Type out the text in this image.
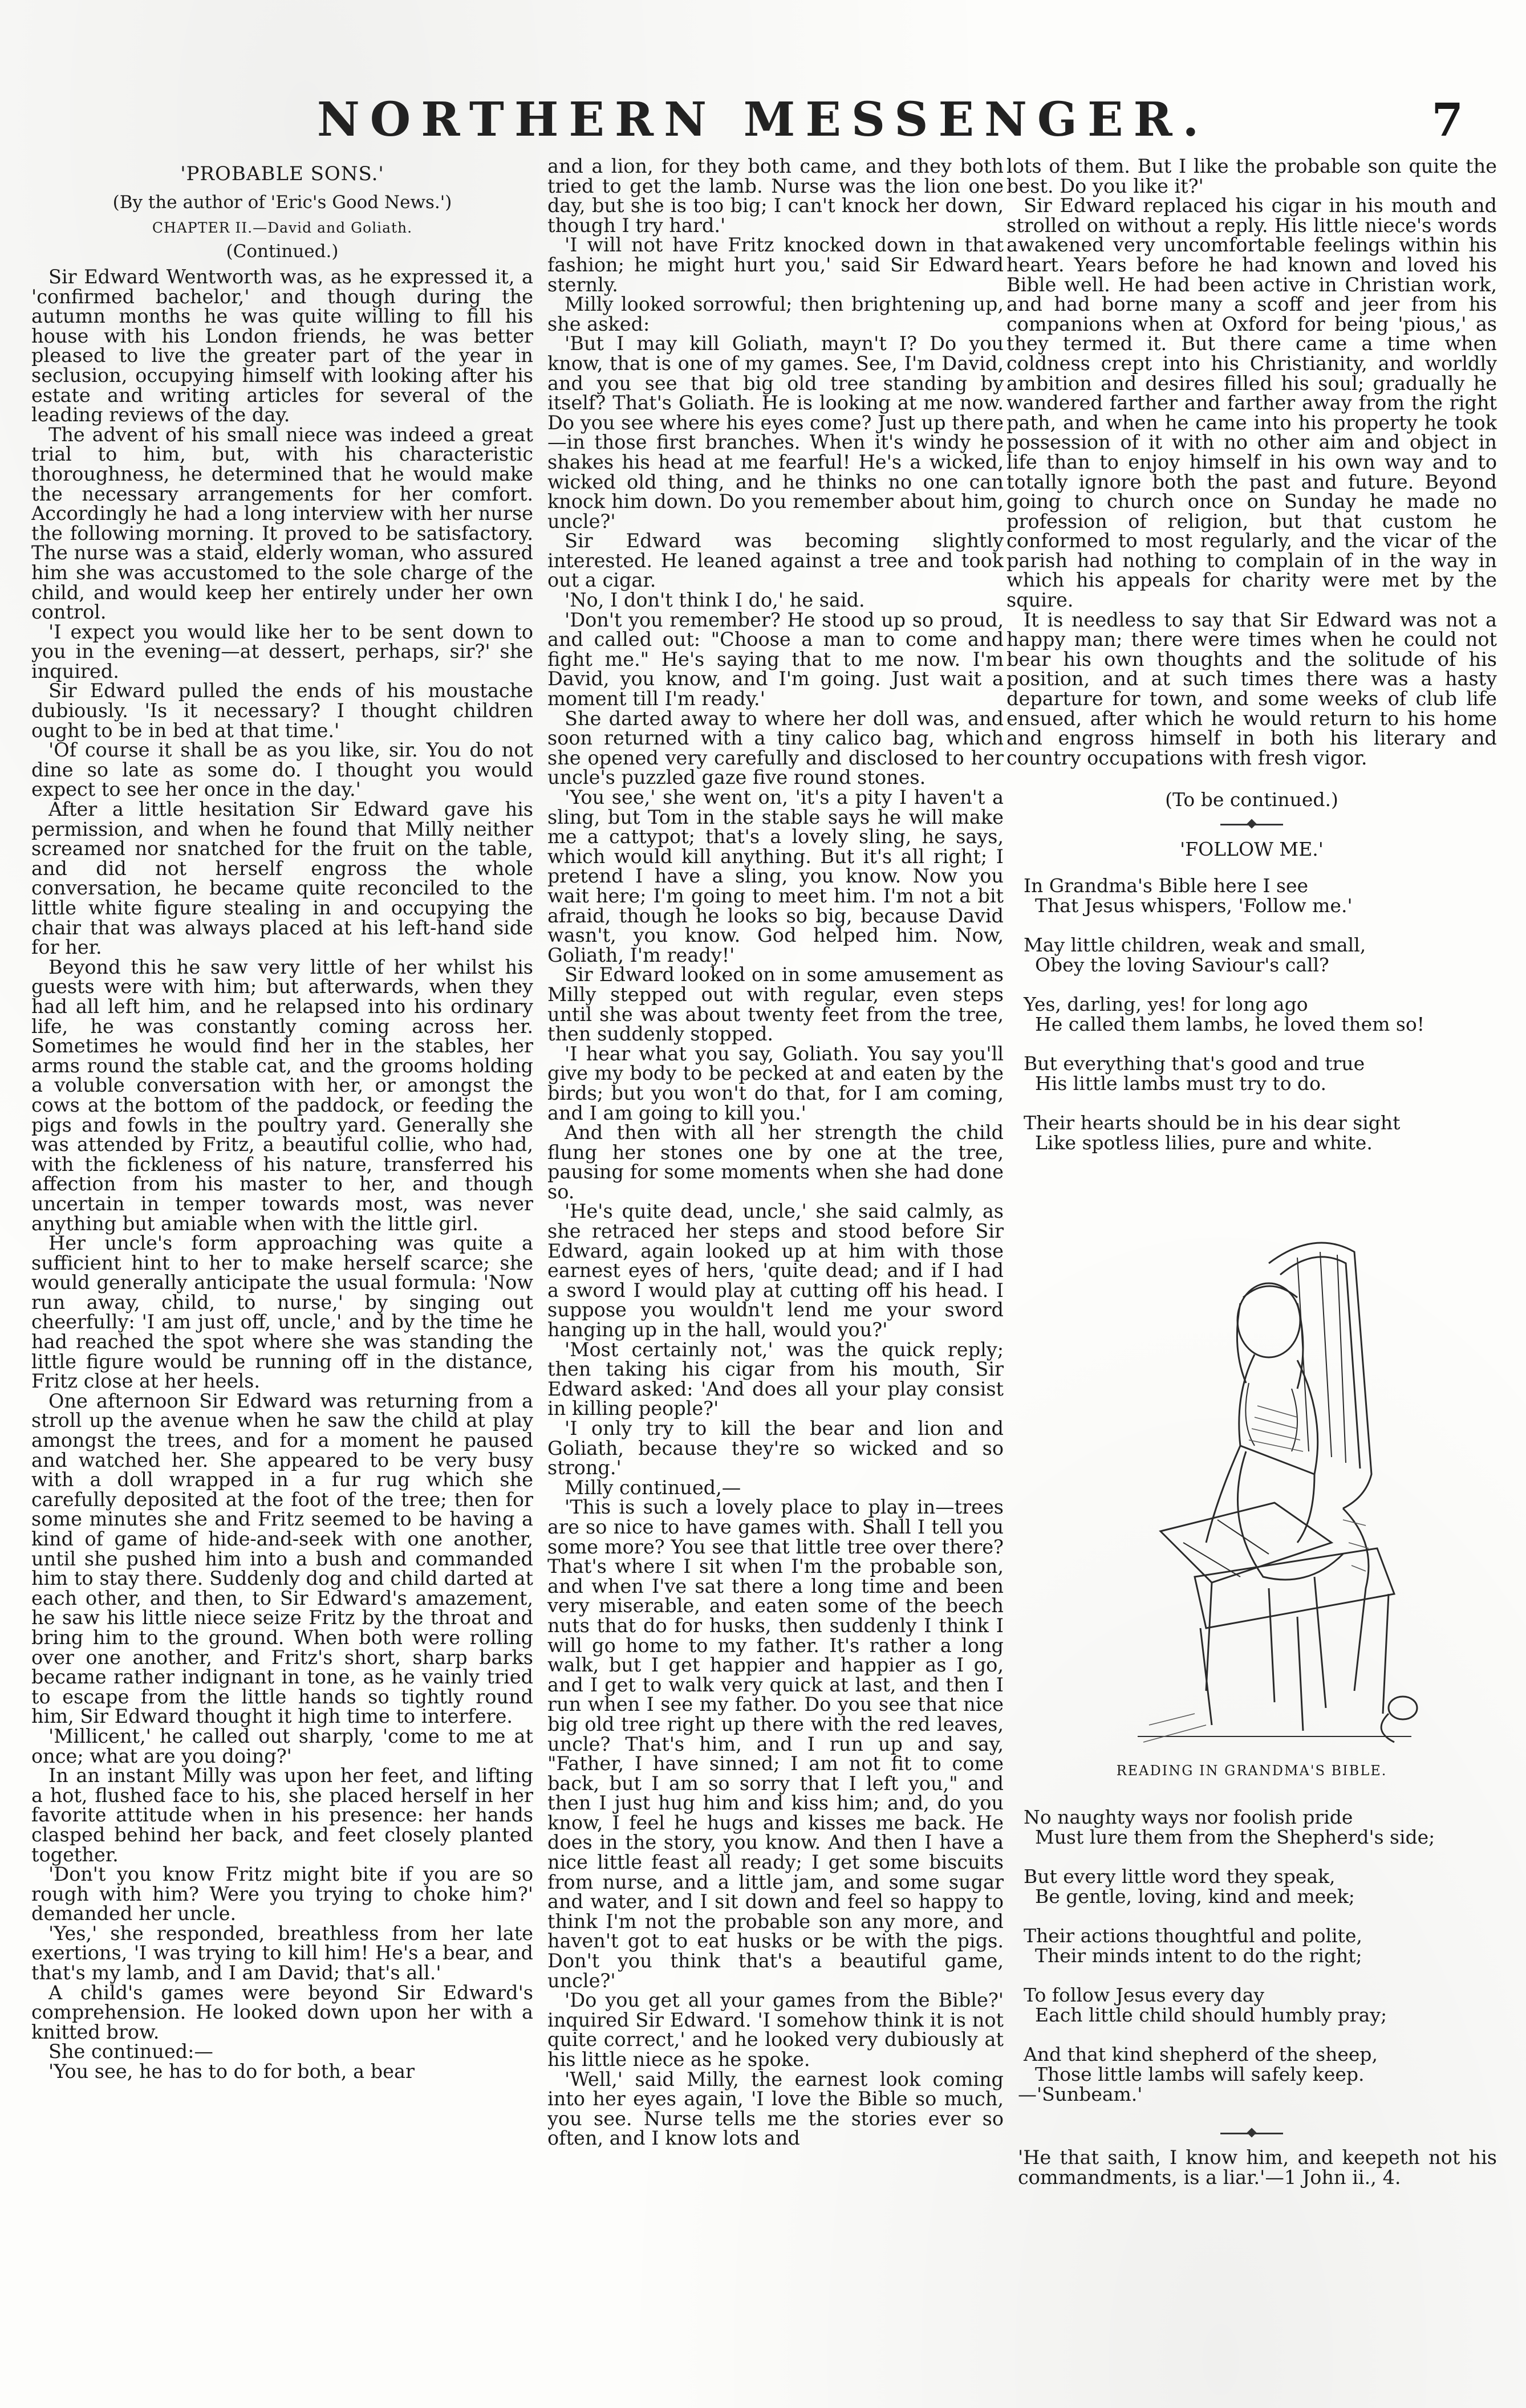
NORTHERN MESSENGER.	7
'PROBABLE SONS.'
(By the author of 'Eric's Good News.')
CHAPTER II.—David and Goliath.
(Continued.)

Sir Edward Wentworth was, as he expressed it, a 'confirmed bachelor,' and though during the autumn months he was quite willing to fill his house with his London friends, he was better pleased to live the greater part of the year in seclusion, occupying himself with looking after his estate and writing articles for several of the leading reviews of the day.

The advent of his small niece was indeed a great trial to him, but, with his characteristic thoroughness, he determined that he would make the necessary arrangements for her comfort. Accordingly he had a long interview with her nurse the following morning. It proved to be satisfactory. The nurse was a staid, elderly woman, who assured him she was accustomed to the sole charge of the child, and would keep her entirely under her own control.

'I expect you would like her to be sent down to you in the evening—at dessert, perhaps, sir?' she inquired.

Sir Edward pulled the ends of his moustache dubiously. 'Is it necessary? I thought children ought to be in bed at that time.'

'Of course it shall be as you like, sir. You do not dine so late as some do. I thought you would expect to see her once in the day.'

After a little hesitation Sir Edward gave his permission, and when he found that Milly neither screamed nor snatched for the fruit on the table, and did not herself engross the whole conversation, he became quite reconciled to the little white figure stealing in and occupying the chair that was always placed at his left-hand side for her.

Beyond this he saw very little of her whilst his guests were with him; but afterwards, when they had all left him, and he relapsed into his ordinary life, he was constantly coming across her. Sometimes he would find her in the stables, her arms round the stable cat, and the grooms holding a voluble conversation with her, or amongst the cows at the bottom of the paddock, or feeding the pigs and fowls in the poultry yard. Generally she was attended by Fritz, a beautiful collie, who had, with the fickleness of his nature, transferred his affection from his master to her, and though uncertain in temper towards most, was never anything but amiable when with the little girl.

Her uncle's form approaching was quite a sufficient hint to her to make herself scarce; she would generally anticipate the usual formula: 'Now run away, child, to nurse,' by singing out cheerfully: 'I am just off, uncle,' and by the time he had reached the spot where she was standing the little figure would be running off in the distance, Fritz close at her heels.

One afternoon Sir Edward was returning from a stroll up the avenue when he saw the child at play amongst the trees, and for a moment he paused and watched her. She appeared to be very busy with a doll wrapped in a fur rug which she carefully deposited at the foot of the tree; then for some minutes she and Fritz seemed to be having a kind of game of hide-and-seek with one another, until she pushed him into a bush and commanded him to stay there. Suddenly dog and child darted at each other, and then, to Sir Edward's amazement, he saw his little niece seize Fritz by the throat and bring him to the ground. When both were rolling over one another, and Fritz's short, sharp barks became rather indignant in tone, as he vainly tried to escape from the little hands so tightly round him, Sir Edward thought it high time to interfere.

'Millicent,' he called out sharply, 'come to me at once; what are you doing?'

In an instant Milly was upon her feet, and lifting a hot, flushed face to his, she placed herself in her favorite attitude when in his presence: her hands clasped behind her back, and feet closely planted together.

'Don't you know Fritz might bite if you are so rough with him? Were you trying to choke him?' demanded her uncle.

'Yes,' she responded, breathless from her late exertions, 'I was trying to kill him! He's a bear, and that's my lamb, and I am David; that's all.'

A child's games were beyond Sir Edward's comprehension. He looked down upon her with a knitted brow.

She continued:—

'You see, he has to do for both, a bear

and a lion, for they both came, and they both tried to get the lamb. Nurse was the lion one day, but she is too big; I can't knock her down, though I try hard.'

'I will not have Fritz knocked down in that fashion; he might hurt you,' said Sir Edward sternly.

Milly looked sorrowful; then brightening up, she asked:

'But I may kill Goliath, mayn't I? Do you know, that is one of my games. See, I'm David, and you see that big old tree standing by itself? That's Goliath. He is looking at me now. Do you see where his eyes come? Just up there—in those first branches. When it's windy he shakes his head at me fearful! He's a wicked, wicked old thing, and he thinks no one can knock him down. Do you remember about him, uncle?'

Sir Edward was becoming slightly interested. He leaned against a tree and took out a cigar.

'No, I don't think I do,' he said.

'Don't you remember? He stood up so proud, and called out: "Choose a man to come and fight me." He's saying that to me now. I'm David, you know, and I'm going. Just wait a moment till I'm ready.'

She darted away to where her doll was, and soon returned with a tiny calico bag, which she opened very carefully and disclosed to her uncle's puzzled gaze five round stones.

'You see,' she went on, 'it's a pity I haven't a sling, but Tom in the stable says he will make me a cattypot; that's a lovely sling, he says, which would kill anything. But it's all right; I pretend I have a sling, you know. Now you wait here; I'm going to meet him. I'm not a bit afraid, though he looks so big, because David wasn't, you know. God helped him. Now, Goliath, I'm ready!'

Sir Edward looked on in some amusement as Milly stepped out with regular, even steps until she was about twenty feet from the tree, then suddenly stopped.

'I hear what you say, Goliath. You say you'll give my body to be pecked at and eaten by the birds; but you won't do that, for I am coming, and I am going to kill you.'

And then with all her strength the child flung her stones one by one at the tree, pausing for some moments when she had done so.

'He's quite dead, uncle,' she said calmly, as she retraced her steps and stood before Sir Edward, again looked up at him with those earnest eyes of hers, 'quite dead; and if I had a sword I would play at cutting off his head. I suppose you wouldn't lend me your sword hanging up in the hall, would you?'

'Most certainly not,' was the quick reply; then taking his cigar from his mouth, Sir Edward asked: 'And does all your play consist in killing people?'

'I only try to kill the bear and lion and Goliath, because they're so wicked and so strong.'

Milly continued,—

'This is such a lovely place to play in—trees are so nice to have games with. Shall I tell you some more? You see that little tree over there? That's where I sit when I'm the probable son, and when I've sat there a long time and been very miserable, and eaten some of the beech nuts that do for husks, then suddenly I think I will go home to my father. It's rather a long walk, but I get happier and happier as I go, and I get to walk very quick at last, and then I run when I see my father. Do you see that nice big old tree right up there with the red leaves, uncle? That's him, and I run up and say, "Father, I have sinned; I am not fit to come back, but I am so sorry that I left you," and then I just hug him and kiss him; and, do you know, I feel he hugs and kisses me back. He does in the story, you know. And then I have a nice little feast all ready; I get some biscuits from nurse, and a little jam, and some sugar and water, and I sit down and feel so happy to think I'm not the probable son any more, and haven't got to eat husks or be with the pigs. Don't you think that's a beautiful game, uncle?'

'Do you get all your games from the Bible?' inquired Sir Edward. 'I somehow think it is not quite correct,' and he looked very dubiously at his little niece as he spoke.

'Well,' said Milly, the earnest look coming into her eyes again, 'I love the Bible so much, you see. Nurse tells me the stories ever so often, and I know lots and

lots of them. But I like the probable son quite the best. Do you like it?'

Sir Edward replaced his cigar in his mouth and strolled on without a reply. His little niece's words awakened very uncomfortable feelings within his heart. Years before he had known and loved his Bible well. He had been active in Christian work, and had borne many a scoff and jeer from his companions when at Oxford for being 'pious,' as they termed it. But there came a time when coldness crept into his Christianity, and worldly ambition and desires filled his soul; gradually he wandered farther and farther away from the right path, and when he came into his property he took possession of it with no other aim and object in life than to enjoy himself in his own way and to totally ignore both the past and future. Beyond going to church once on Sunday he made no profession of religion, but that custom he conformed to most regularly, and the vicar of the parish had nothing to complain of in the way in which his appeals for charity were met by the squire.

It is needless to say that Sir Edward was not a happy man; there were times when he could not bear his own thoughts and the solitude of his position, and at such times there was a hasty departure for town, and some weeks of club life ensued, after which he would return to his home and engross himself in both his literary and country occupations with fresh vigor.

(To be continued.)
'FOLLOW ME.'
In Grandma's Bible here I see
That Jesus whispers, 'Follow me.'
May little children, weak and small,
Obey the loving Saviour's call?
Yes, darling, yes! for long ago
He called them lambs, he loved them so!
But everything that's good and true
His little lambs must try to do.
Their hearts should be in his dear sight
Like spotless lilies, pure and white.
READING IN GRANDMA'S BIBLE.
No naughty ways nor foolish pride
Must lure them from the Shepherd's side;
But every little word they speak,
Be gentle, loving, kind and meek;
Their actions thoughtful and polite,
Their minds intent to do the right;
To follow Jesus every day
Each little child should humbly pray;
And that kind shepherd of the sheep,
Those little lambs will safely keep.
—'Sunbeam.'

'He that saith, I know him, and keepeth not his commandments, is a liar.'—1 John ii., 4.
